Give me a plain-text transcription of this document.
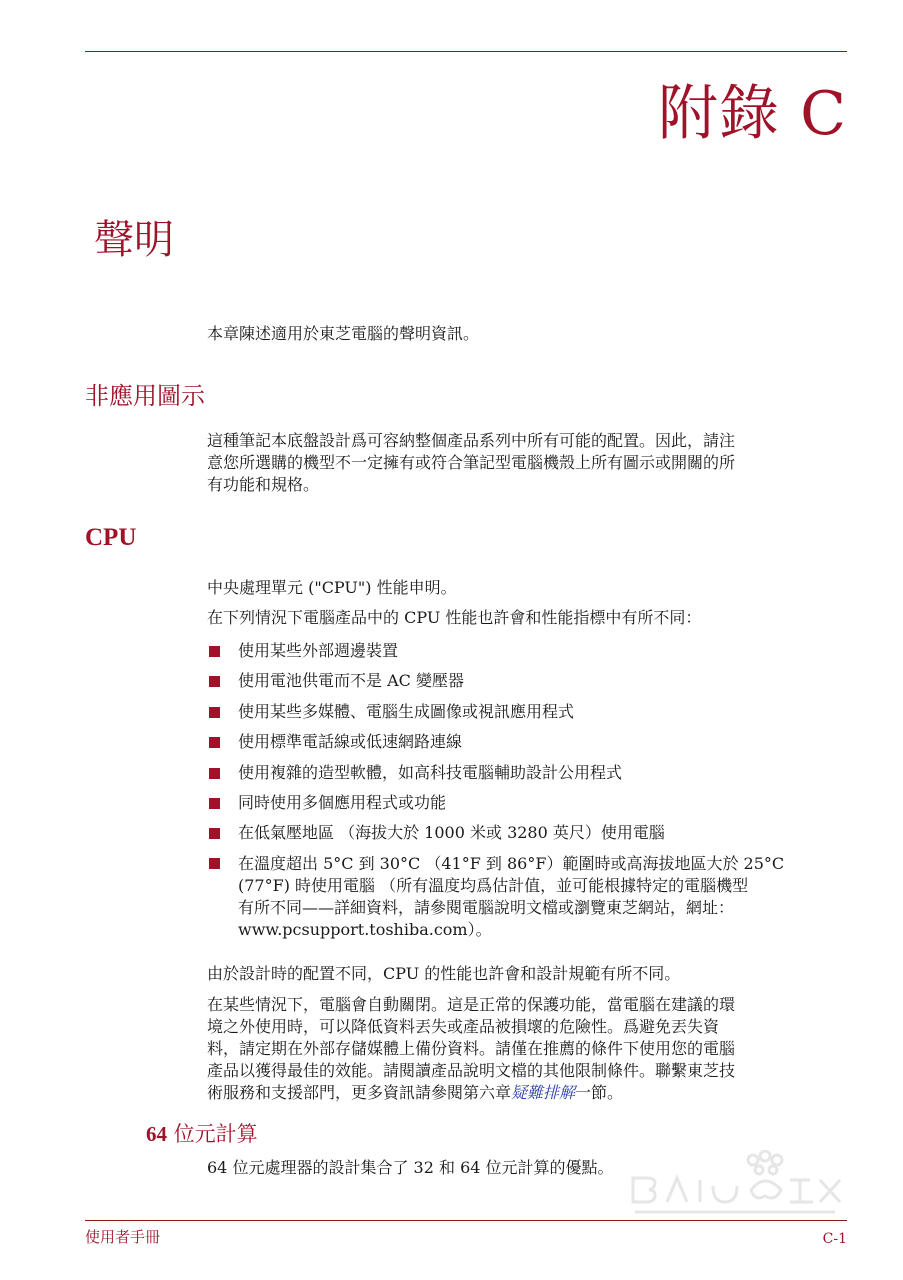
附錄 C
聲明

本章陳述適用於東芝電腦的聲明資訊。

非應用圖示

這種筆記本底盤設計爲可容納整個產品系列中所有可能的配置。因此，請注
意您所選購的機型不一定擁有或符合筆記型電腦機殼上所有圖示或開關的所
有功能和規格。

CPU

中央處理單元 ("CPU") 性能申明。

在下列情況下電腦產品中的 CPU 性能也許會和性能指標中有所不同：

使用某些外部週邊裝置
使用電池供電而不是 AC 變壓器
使用某些多媒體、電腦生成圖像或視訊應用程式
使用標準電話線或低速網路連線
使用複雜的造型軟體，如高科技電腦輔助設計公用程式
同時使用多個應用程式或功能
在低氣壓地區 （海拔大於 1000 米或 3280 英尺）使用電腦
在溫度超出 5°C 到 30°C （41°F 到 86°F）範圍時或高海拔地區大於 25°C
(77°F) 時使用電腦 （所有溫度均爲估計值，並可能根據特定的電腦機型
有所不同——詳細資料，請參閱電腦說明文檔或瀏覽東芝網站，網址：
www.pcsupport.toshiba.com）。

由於設計時的配置不同，CPU 的性能也許會和設計規範有所不同。

在某些情況下，電腦會自動關閉。這是正常的保護功能，當電腦在建議的環
境之外使用時，可以降低資料丟失或產品被損壞的危險性。爲避免丟失資
料，請定期在外部存儲媒體上備份資料。請僅在推薦的條件下使用您的電腦
產品以獲得最佳的效能。請閱讀產品說明文檔的其他限制條件。聯繫東芝技
術服務和支援部門，更多資訊請參閱第六章疑難排解一節。

64 位元計算

64 位元處理器的設計集合了 32 和 64 位元計算的優點。

使用者手冊	C-1
